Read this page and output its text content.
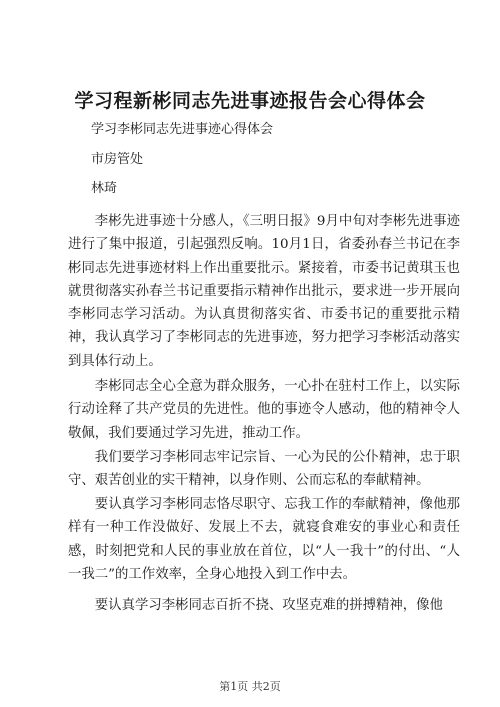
学习程新彬同志先进事迹报告会心得体会
学习李彬同志先进事迹心得体会
市房管处
林琦

李彬先进事迹十分感人，《三明日报》9月中旬对李彬先进事迹进行了集中报道，引起强烈反响。10月1日，省委孙春兰书记在李彬同志先进事迹材料上作出重要批示。紧接着，市委书记黄琪玉也就贯彻落实孙春兰书记重要指示精神作出批示，要求进一步开展向李彬同志学习活动。为认真贯彻落实省、市委书记的重要批示精神，我认真学习了李彬同志的先进事迹，努力把学习李彬活动落实到具体行动上。

李彬同志全心全意为群众服务，一心扑在驻村工作上，以实际行动诠释了共产党员的先进性。他的事迹令人感动，他的精神令人敬佩，我们要通过学习先进，推动工作。

我们要学习李彬同志牢记宗旨、一心为民的公仆精神，忠于职守、艰苦创业的实干精神，以身作则、公而忘私的奉献精神。

要认真学习李彬同志恪尽职守、忘我工作的奉献精神，像他那样有一种工作没做好、发展上不去，就寝食难安的事业心和责任感，时刻把党和人民的事业放在首位，以“人一我十”的付出、“人一我二”的工作效率，全身心地投入到工作中去。

要认真学习李彬同志百折不挠、攻坚克难的拼搏精神，像他

第1页 共2页
